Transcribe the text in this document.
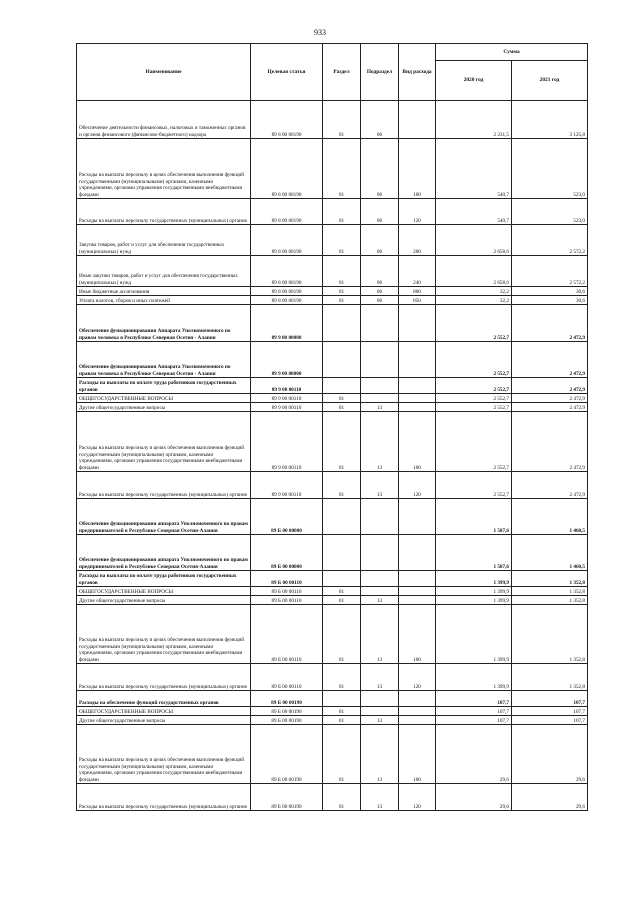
933
Наименование	Целевая статья	Раздел	Подраздел	Вид расхода	Сумма	
					2020 год	2021 год
Обеспечение деятельности финансовых, налоговых и таможенных органов и органов финансового (финансово-бюджетного) надзора	89 8 00 00190	01	06		2 231,5	3 125,8
Расходы на выплаты персоналу в целях обеспечения выполнения функций государственными (муниципальными) органами, казенными учреждениями, органами управления государственными внебюджетными фондами	89 8 00 00190	01	06	100	540,7	523,0
Расходы на выплаты персоналу государственных (муниципальных) органов	89 8 00 00190	01	06	120	540,7	523,0
Закупка товаров, работ и услуг для обеспечения государственных (муниципальных) нужд	89 8 00 00190	01	06	200	2 658,6	2 572,2
Иные закупки товаров, работ и услуг для обеспечения государственных (муниципальных) нужд	89 8 00 00190	01	06	240	2 658,6	2 572,2
Иные бюджетные ассигнования	89 8 00 00190	01	06	800	32,2	30,6
Уплата налогов, сборов и иных платежей	89 8 00 00190	01	06	850	32,2	30,6
Обеспечение функционирования Аппарата Уполномоченного по правам человека в Республике Северная Осетия - Алания	89 9 00 00000				2 552,7	2 472,9
Обеспечение функционирования Аппарата Уполномоченного по правам человека в Республике Северная Осетия - Алания	89 9 00 00000				2 552,7	2 472,9
Расходы на выплаты по оплате труда работников государственных органов	89 9 00 00110				2 552,7	2 472,9
ОБЩЕГОСУДАРСТВЕННЫЕ ВОПРОСЫ	89 9 00 00110	01			2 552,7	2 472,9
Другие общегосударственные вопросы	89 9 00 00110	01	13		2 552,7	2 472,9
Расходы на выплаты персоналу в целях обеспечения выполнения функций государственными (муниципальными) органами, казенными учреждениями, органами управления государственными внебюджетными фондами	89 9 00 00110	01	13	100	2 552,7	2 472,9
Расходы на выплаты персоналу государственных (муниципальных) органов	89 9 00 00110	01	13	120	2 552,7	2 472,9
Обеспечение функционирования аппарата Уполномоченного по правам предпринимателей в Республике Северная Осетия-Алания	89 Б 00 00000				1 507,6	1 460,5
Обеспечение функционирования аппарата Уполномоченного по правам предпринимателей в Республике Северная Осетия-Алания	89 Б 00 00000				1 507,6	1 460,5
Расходы на выплаты по оплате труда работников государственных органов	89 Б 00 00110				1 399,9	1 352,8
ОБЩЕГОСУДАРСТВЕННЫЕ ВОПРОСЫ	89 Б 00 00110	01			1 399,9	1 352,8
Другие общегосударственные вопросы	89 Б 00 00110	01	13		1 399,9	1 352,8
Расходы на выплаты персоналу в целях обеспечения выполнения функций государственными (муниципальными) органами, казенными учреждениями, органами управления государственными внебюджетными фондами	89 Б 00 00110	01	13	100	1 399,9	1 352,8
Расходы на выплаты персоналу государственных (муниципальных) органов	89 Б 00 00110	01	13	120	1 399,9	1 352,8
Расходы на обеспечение функций государственных органов	89 Б 00 00190				107,7	107,7
ОБЩЕГОСУДАРСТВЕННЫЕ ВОПРОСЫ	89 Б 00 00190	01			107,7	107,7
Другие общегосударственные вопросы	89 Б 00 00190	01	13		107,7	107,7
Расходы на выплаты персоналу в целях обеспечения выполнения функций государственными (муниципальными) органами, казенными учреждениями, органами управления государственными внебюджетными фондами	89 Б 00 00190	01	13	100	29,6	29,6
Расходы на выплаты персоналу государственных (муниципальных) органов	89 Б 00 00190	01	13	120	29,6	29,6
